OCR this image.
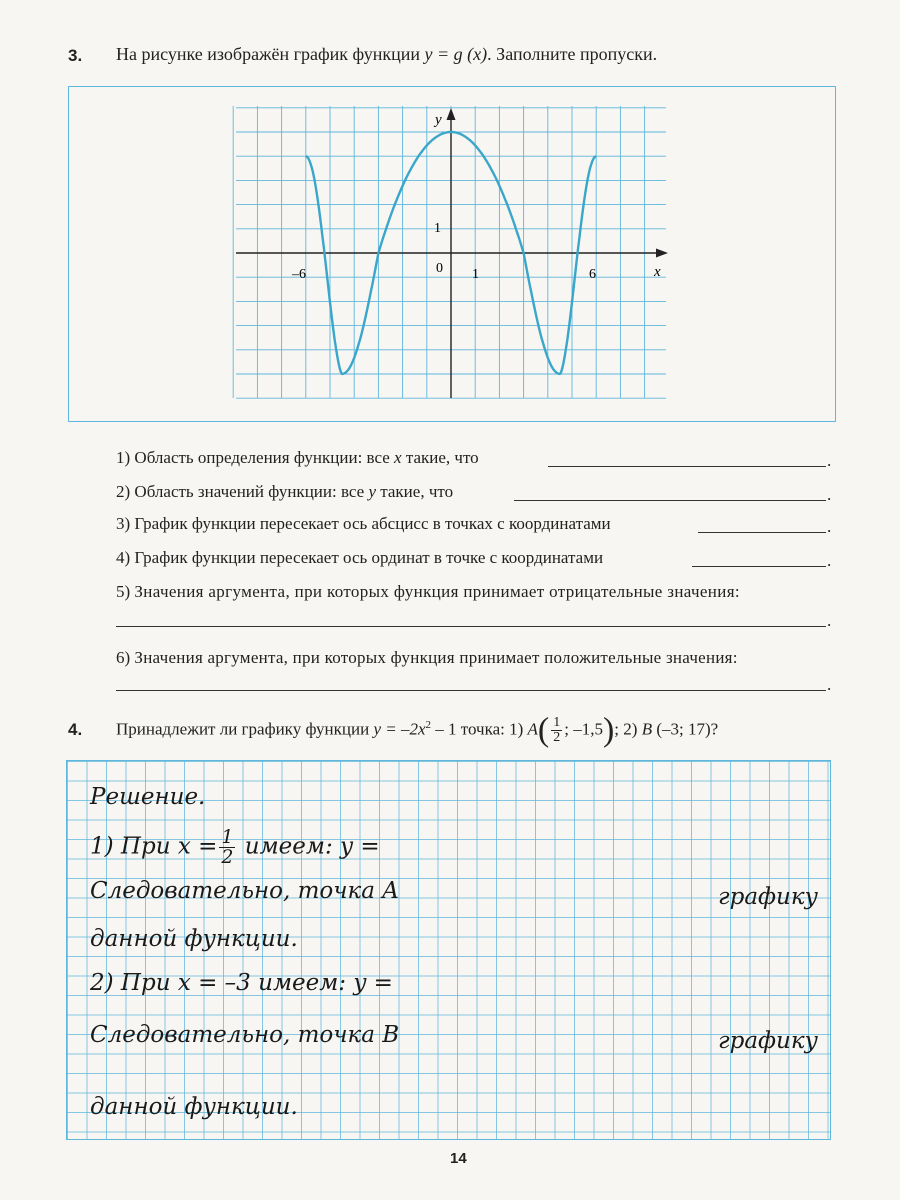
3. На рисунке изображён график функции y = g (x). Заполните пропуски.
x
y
0
–6	1	6
1
1) Область определения функции: все x такие, что	.
2) Область значений функции: все y такие, что	.
3) График функции пересекает ось абсцисс в точках с координатами	.
4) График функции пересекает ось ординат в точке с координатами	.
5) Значения аргумента, при которых функция принимает отрицательные значения:
.
6) Значения аргумента, при которых функция принимает положительные значения:
.
4. Принадлежит ли графику функции $y = -2x^2 - 1$ точка: 1) $A( \frac{1}{2}$ ; –1,5); 2) B (–3; 17)?
Решение.
1) При $x = \frac{1}{2}$ имеем: y =
Следовательно, точка A	графику
данной функции.
2) При x = –3 имеем: y =
Следовательно, точка B	графику
данной функции.
14
